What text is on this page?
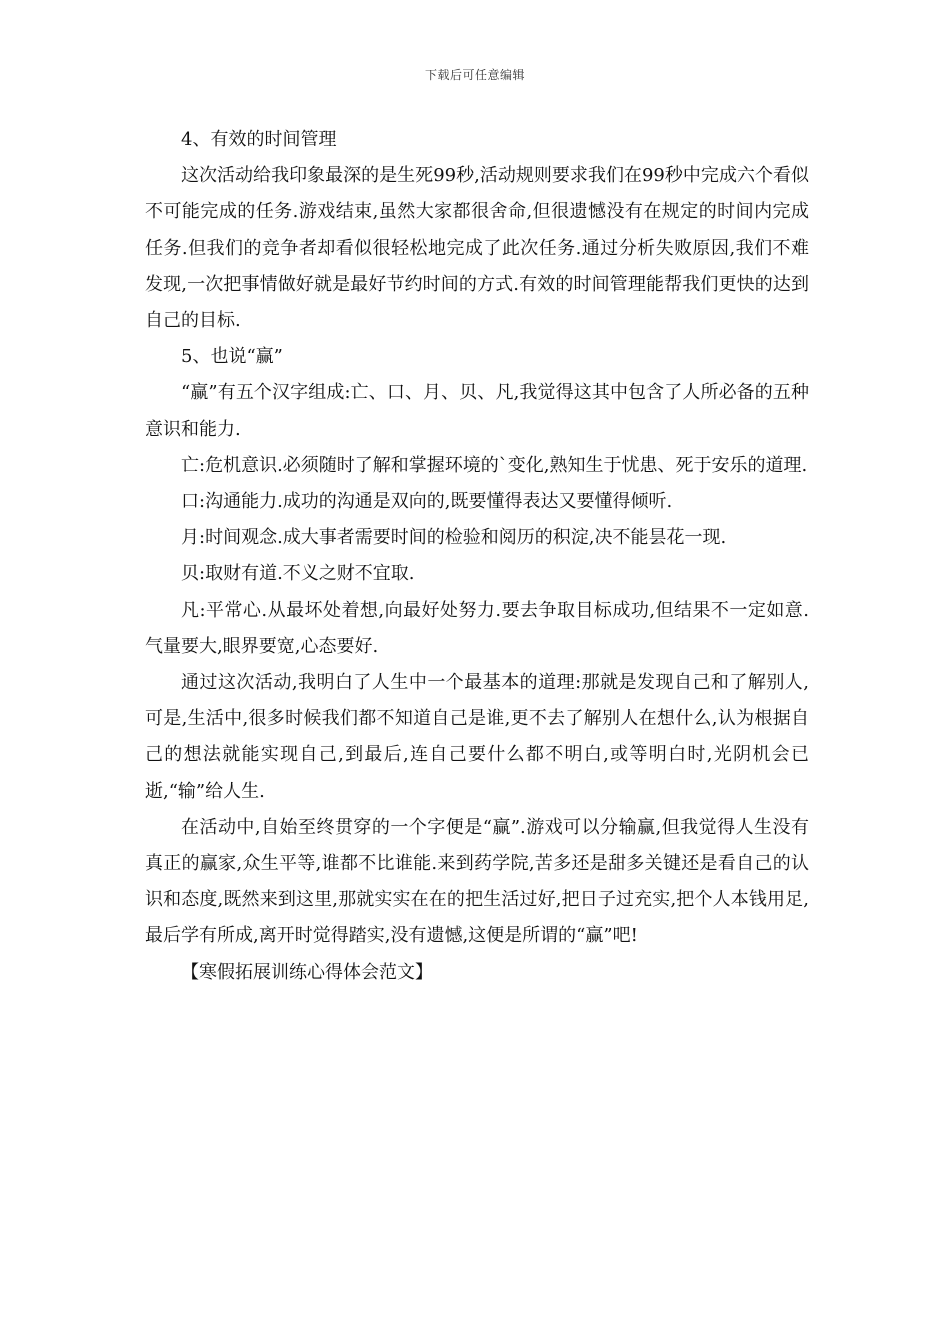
下载后可任意编辑

4、有效的时间管理

这次活动给我印象最深的是生死99秒,活动规则要求我们在99秒中完成六个看似不可能完成的任务.游戏结束,虽然大家都很舍命,但很遗憾没有在规定的时间内完成任务.但我们的竞争者却看似很轻松地完成了此次任务.通过分析失败原因,我们不难发现,一次把事情做好就是最好节约时间的方式.有效的时间管理能帮我们更快的达到自己的目标.

5、也说“赢”

“赢”有五个汉字组成:亡、口、月、贝、凡,我觉得这其中包含了人所必备的五种意识和能力.

亡:危机意识.必须随时了解和掌握环境的`变化,熟知生于忧患、死于安乐的道理.

口:沟通能力.成功的沟通是双向的,既要懂得表达又要懂得倾听.

月:时间观念.成大事者需要时间的检验和阅历的积淀,决不能昙花一现.

贝:取财有道.不义之财不宜取.

凡:平常心.从最坏处着想,向最好处努力.要去争取目标成功,但结果不一定如意.气量要大,眼界要宽,心态要好.

通过这次活动,我明白了人生中一个最基本的道理:那就是发现自己和了解别人,可是,生活中,很多时候我们都不知道自己是谁,更不去了解别人在想什么,认为根据自己的想法就能实现自己,到最后,连自己要什么都不明白,或等明白时,光阴机会已逝,“输”给人生.

在活动中,自始至终贯穿的一个字便是“赢”.游戏可以分输赢,但我觉得人生没有真正的赢家,众生平等,谁都不比谁能.来到药学院,苦多还是甜多关键还是看自己的认识和态度,既然来到这里,那就实实在在的把生活过好,把日子过充实,把个人本钱用足,最后学有所成,离开时觉得踏实,没有遗憾,这便是所谓的“赢”吧!

【寒假拓展训练心得体会范文】
